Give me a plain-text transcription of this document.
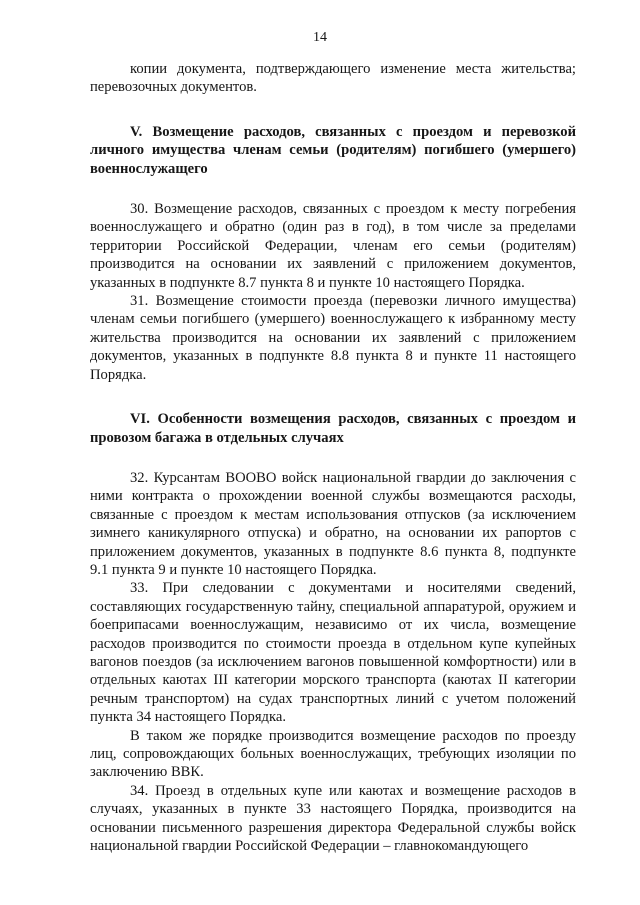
14

копии документа, подтверждающего изменение места жительства; перевозочных документов.

V. Возмещение расходов, связанных с проездом и перевозкой личного имущества членам семьи (родителям) погибшего (умершего) военнослужащего

30. Возмещение расходов, связанных с проездом к месту погребения военнослужащего и обратно (один раз в год), в том числе за пределами территории Российской Федерации, членам его семьи (родителям) производится на основании их заявлений с приложением документов, указанных в подпункте 8.7 пункта 8 и пункте 10 настоящего Порядка.

31. Возмещение стоимости проезда (перевозки личного имущества) членам семьи погибшего (умершего) военнослужащего к избранному месту жительства производится на основании их заявлений с приложением документов, указанных в подпункте 8.8 пункта 8 и пункте 11 настоящего Порядка.

VI. Особенности возмещения расходов, связанных с проездом и провозом багажа в отдельных случаях

32. Курсантам ВООВО войск национальной гвардии до заключения с ними контракта о прохождении военной службы возмещаются расходы, связанные с проездом к местам использования отпусков (за исключением зимнего каникулярного отпуска) и обратно, на основании их рапортов с приложением документов, указанных в подпункте 8.6 пункта 8, подпункте 9.1 пункта 9 и пункте 10 настоящего Порядка.

33. При следовании с документами и носителями сведений, составляющих государственную тайну, специальной аппаратурой, оружием и боеприпасами военнослужащим, независимо от их числа, возмещение расходов производится по стоимости проезда в отдельном купе купейных вагонов поездов (за исключением вагонов повышенной комфортности) или в отдельных каютах III категории морского транспорта (каютах II категории речным транспортом) на судах транспортных линий с учетом положений пункта 34 настоящего Порядка.

В таком же порядке производится возмещение расходов по проезду лиц, сопровождающих больных военнослужащих, требующих изоляции по заключению ВВК.

34. Проезд в отдельных купе или каютах и возмещение расходов в случаях, указанных в пункте 33 настоящего Порядка, производится на основании письменного разрешения директора Федеральной службы войск национальной гвардии Российской Федерации – главнокомандующего
